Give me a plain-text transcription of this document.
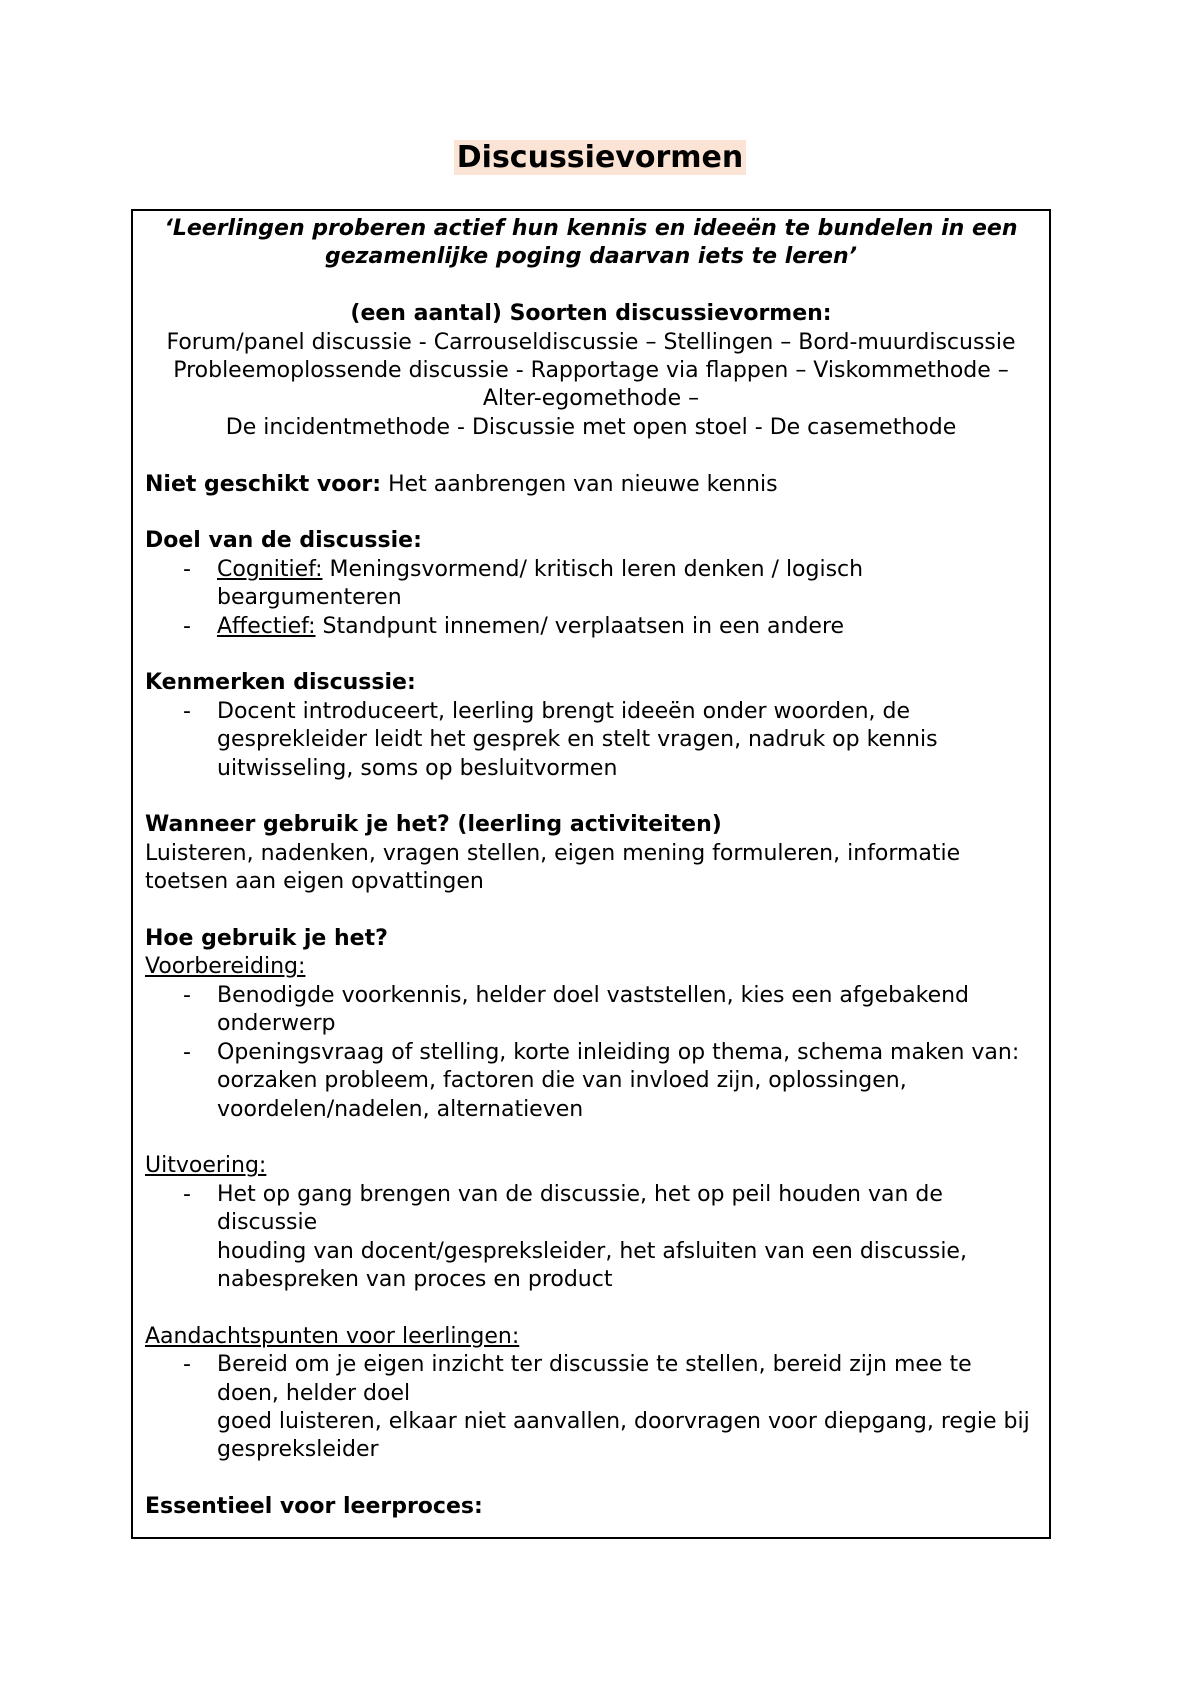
Discussievormen

‘Leerlingen proberen actief hun kennis en ideeën te bundelen in een gezamenlijke poging daarvan iets te leren’

(een aantal) Soorten discussievormen:

Forum/panel discussie - Carrouseldiscussie – Stellingen – Bord-muurdiscussie

Probleemoplossende discussie - Rapportage via flappen – Viskommethode – Alter-egomethode –

De incidentmethode - Discussie met open stoel - De casemethode

Niet geschikt voor: Het aanbrengen van nieuwe kennis

Doel van de discussie:

- Cognitief: Meningsvormend/ kritisch leren denken / logisch beargumenteren
- Affectief: Standpunt innemen/ verplaatsen in een andere

Kenmerken discussie:

- Docent introduceert, leerling brengt ideeën onder woorden, de gesprekleider leidt het gesprek en stelt vragen, nadruk op kennis uitwisseling, soms op besluitvormen

Wanneer gebruik je het? (leerling activiteiten)

Luisteren, nadenken, vragen stellen, eigen mening formuleren, informatie toetsen aan eigen opvattingen

Hoe gebruik je het?

Voorbereiding:

- Benodigde voorkennis, helder doel vaststellen, kies een afgebakend onderwerp
- Openingsvraag of stelling, korte inleiding op thema, schema maken van: oorzaken probleem, factoren die van invloed zijn, oplossingen, voordelen/nadelen, alternatieven

Uitvoering:

- Het op gang brengen van de discussie, het op peil houden van de discussie
houding van docent/gespreksleider, het afsluiten van een discussie, nabespreken van proces en product

Aandachtspunten voor leerlingen:

- Bereid om je eigen inzicht ter discussie te stellen, bereid zijn mee te doen, helder doel
goed luisteren, elkaar niet aanvallen, doorvragen voor diepgang, regie bij gespreksleider

Essentieel voor leerproces:
